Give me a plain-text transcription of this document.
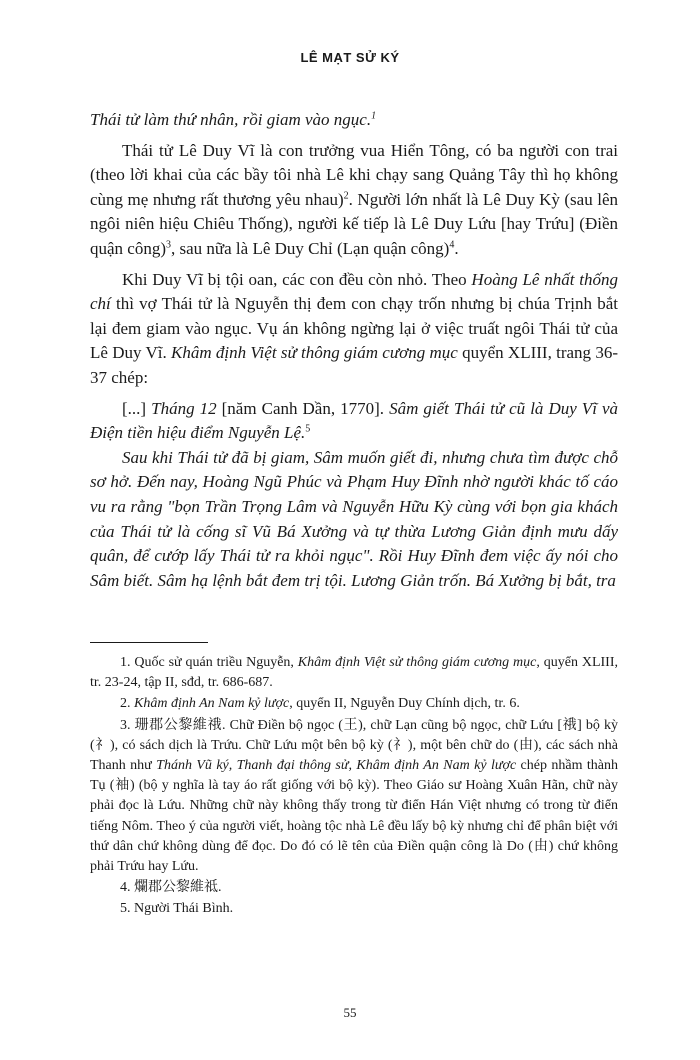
LÊ MẠT SỬ KÝ

Thái tử làm thứ nhân, rồi giam vào ngục.$^1$

Thái tử Lê Duy Vĩ là con trưởng vua Hiển Tông, có ba người con trai (theo lời khai của các bầy tôi nhà Lê khi chạy sang Quảng Tây thì họ không cùng mẹ nhưng rất thương yêu nhau)$^2$. Người lớn nhất là Lê Duy Kỳ (sau lên ngôi niên hiệu Chiêu Thống), người kế tiếp là Lê Duy Lứu [hay Trứu] (Điền quận công)$^3$, sau nữa là Lê Duy Chỉ (Lạn quận công)$^4$.

Khi Duy Vĩ bị tội oan, các con đều còn nhỏ. Theo Hoàng Lê nhất thống chí thì vợ Thái tử là Nguyễn thị đem con chạy trốn nhưng bị chúa Trịnh bắt lại đem giam vào ngục. Vụ án không ngừng lại ở việc truất ngôi Thái tử của Lê Duy Vĩ. Khâm định Việt sử thông giám cương mục quyển XLIII, trang 36-37 chép:

[...] Tháng 12 [năm Canh Dần, 1770]. Sâm giết Thái tử cũ là Duy Vĩ và Điện tiền hiệu điểm Nguyễn Lệ.$^5$

Sau khi Thái tử đã bị giam, Sâm muốn giết đi, nhưng chưa tìm được chỗ sơ hở. Đến nay, Hoàng Ngũ Phúc và Phạm Huy Đĩnh nhờ người khác tố cáo vu ra rằng "bọn Trần Trọng Lâm và Nguyễn Hữu Kỳ cùng với bọn gia khách của Thái tử là cống sĩ Vũ Bá Xưởng và tự thừa Lương Giản định mưu dấy quân, để cướp lấy Thái tử ra khỏi ngục". Rồi Huy Đĩnh đem việc ấy nói cho Sâm biết. Sâm hạ lệnh bắt đem trị tội. Lương Giản trốn. Bá Xưởng bị bắt, tra

1. Quốc sử quán triều Nguyễn, Khâm định Việt sử thông giám cương mục, quyển XLIII, tr. 23-24, tập II, sđd, tr. 686-687.

2. Khâm định An Nam kỷ lược, quyển II, Nguyễn Duy Chính dịch, tr. 6.

3. 珊郡公黎維䄉. Chữ Điền bộ ngọc (王), chữ Lạn cũng bộ ngọc, chữ Lứu [䄉] bộ kỳ (礻), có sách dịch là Trứu. Chữ Lứu một bên bộ kỳ (礻), một bên chữ do (由), các sách nhà Thanh như Thánh Vũ ký, Thanh đại thông sử, Khâm định An Nam kỷ lược chép nhầm thành Tụ (袖) (bộ y nghĩa là tay áo rất giống với bộ kỳ). Theo Giáo sư Hoàng Xuân Hãn, chữ này phải đọc là Lứu. Những chữ này không thấy trong từ điển Hán Việt nhưng có trong từ điển tiếng Nôm. Theo ý của người viết, hoàng tộc nhà Lê đều lấy bộ kỳ nhưng chỉ để phân biệt với thứ dân chứ không dùng để đọc. Do đó có lẽ tên của Điền quận công là Do (由) chứ không phải Trứu hay Lứu.

4. 爛郡公黎維祗.

5. Người Thái Bình.

55
